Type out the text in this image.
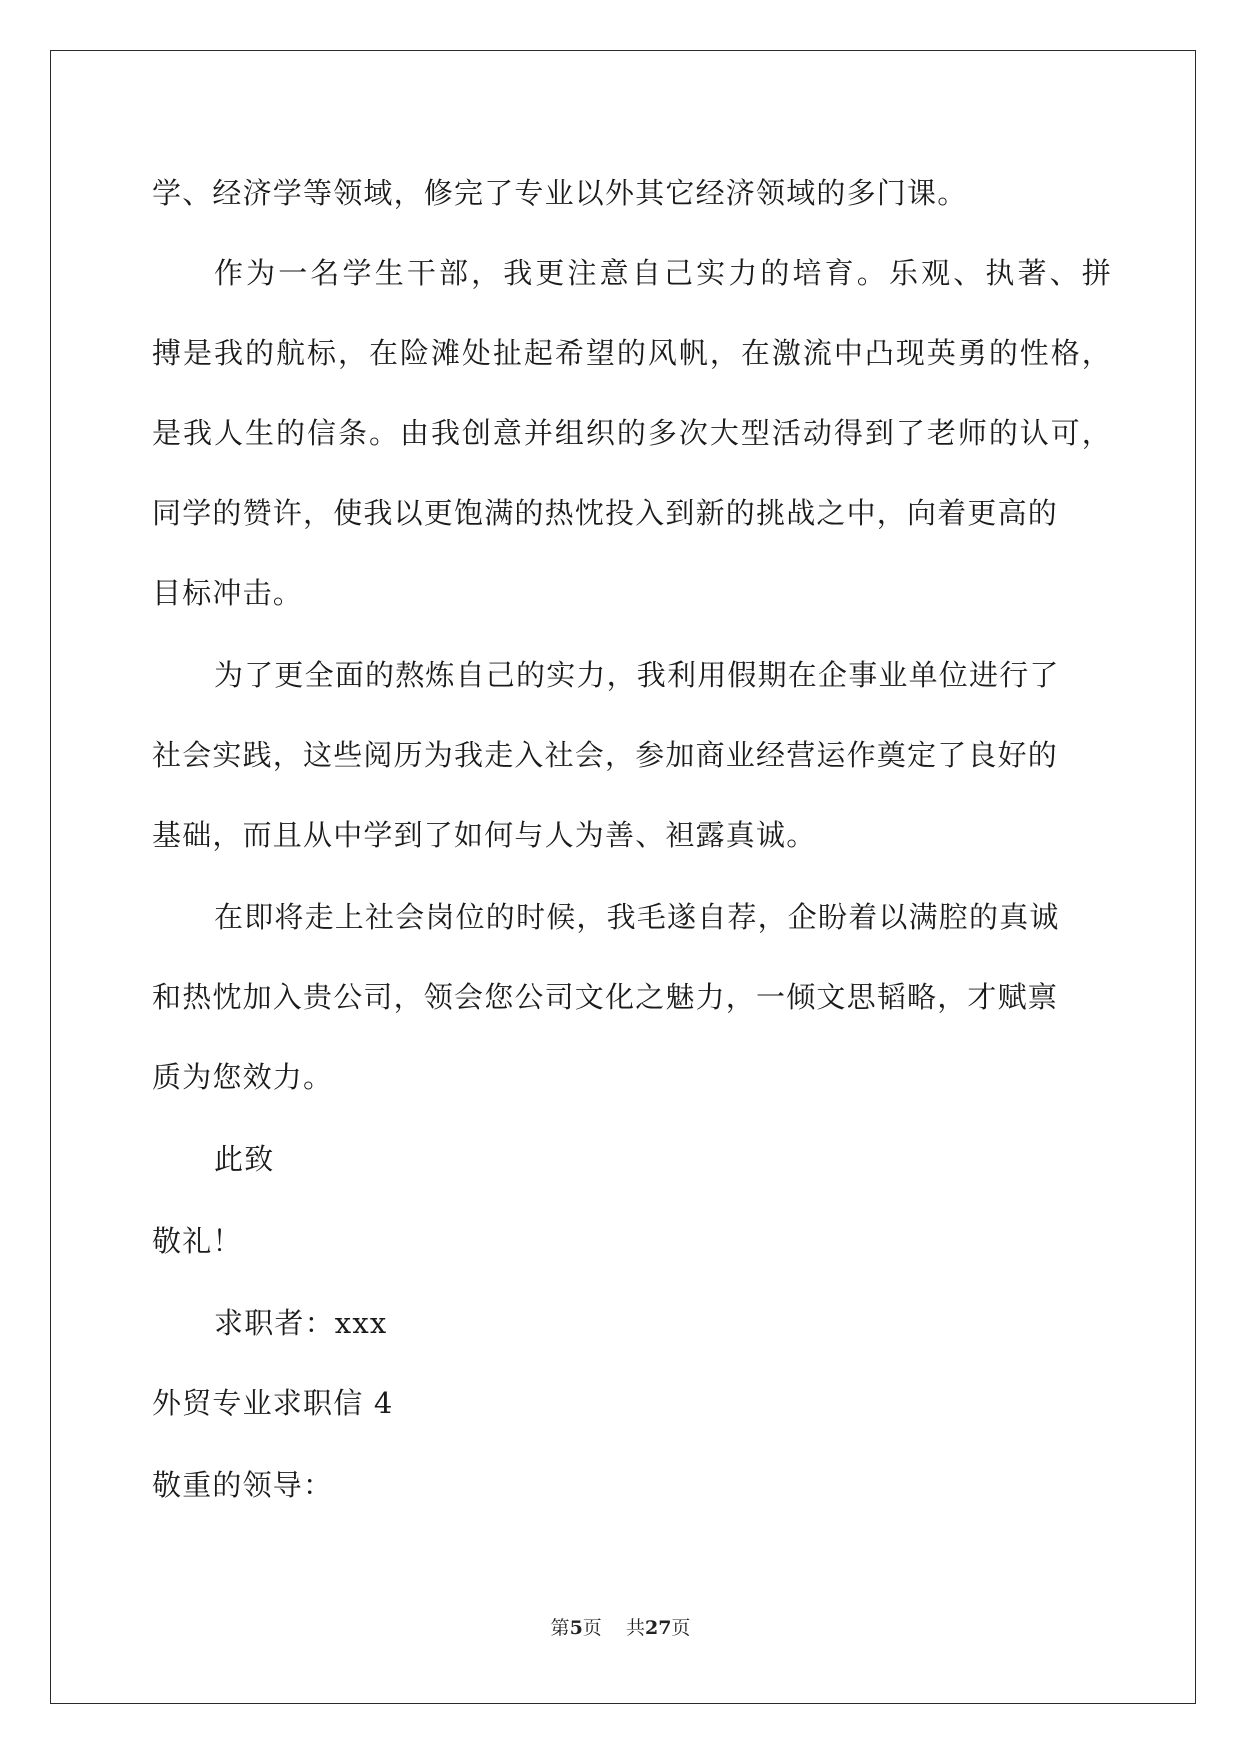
学、经济学等领域，修完了专业以外其它经济领域的多门课。
作为一名学生干部，我更注意自己实力的培育。乐观、执著、拼
搏是我的航标，在险滩处扯起希望的风帆，在激流中凸现英勇的性格，
是我人生的信条。由我创意并组织的多次大型活动得到了老师的认可，
同学的赞许，使我以更饱满的热忱投入到新的挑战之中，向着更高的
目标冲击。
为了更全面的熬炼自己的实力，我利用假期在企事业单位进行了
社会实践，这些阅历为我走入社会，参加商业经营运作奠定了良好的
基础，而且从中学到了如何与人为善、袒露真诚。
在即将走上社会岗位的时候，我毛遂自荐，企盼着以满腔的真诚
和热忱加入贵公司，领会您公司文化之魅力，一倾文思韬略，才赋禀
质为您效力。
此致
敬礼！
求职者：xxx
外贸专业求职信 4
敬重的领导：
第5页    共27页
